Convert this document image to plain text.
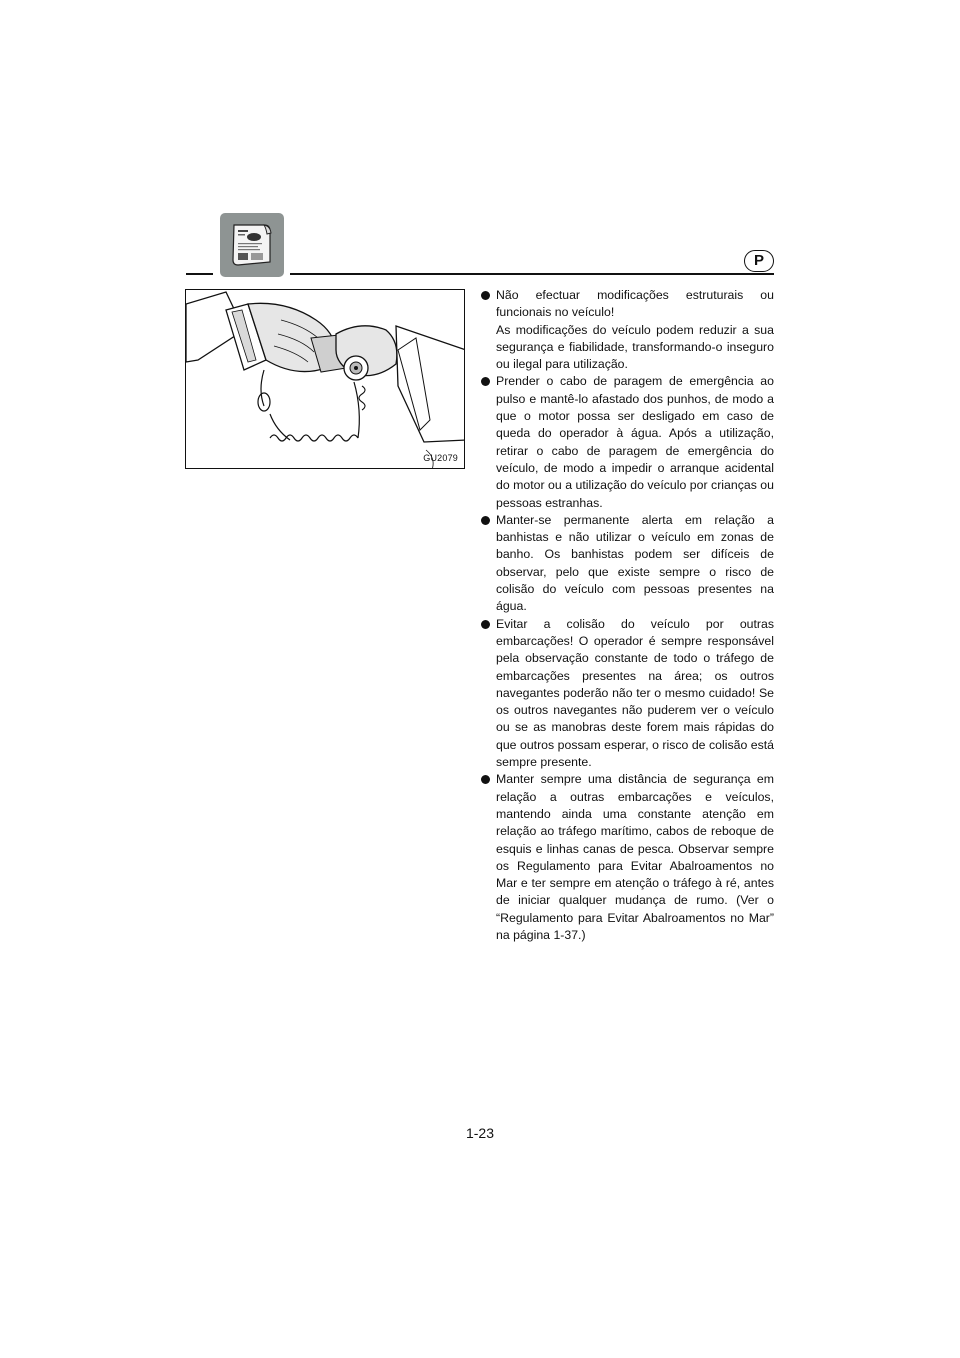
P
GU2079

Não efectuar modificações estruturais ou funcionais no veículo!

As modificações do veículo podem reduzir a sua segurança e fiabilidade, transformando-o inseguro ou ilegal para utilização.

Prender o cabo de paragem de emergência ao pulso e mantê-lo afastado dos punhos, de modo a que o motor possa ser desligado em caso de queda do operador à água. Após a utilização, retirar o cabo de paragem de emergência do veículo, de modo a impedir o arranque acidental do motor ou a utilização do veículo por crianças ou pessoas estranhas.

Manter-se permanente alerta em relação a banhistas e não utilizar o veículo em zonas de banho. Os banhistas podem ser difíceis de observar, pelo que existe sempre o risco de colisão do veículo com pessoas presentes na água.

Evitar a colisão do veículo por outras embarcações! O operador é sempre responsável pela observação constante de todo o tráfego de embarcações presentes na área; os outros navegantes poderão não ter o mesmo cuidado! Se os outros navegantes não puderem ver o veículo ou se as manobras deste forem mais rápidas do que outros possam esperar, o risco de colisão está sempre presente.

Manter sempre uma distância de segurança em relação a outras embarcações e veículos, mantendo ainda uma constante atenção em relação ao tráfego marítimo, cabos de reboque de esquis e linhas canas de pesca. Observar sempre os Regulamento para Evitar Abalroamentos no Mar e ter sempre em atenção o tráfego à ré, antes de iniciar qualquer mudança de rumo. (Ver o “Regulamento para Evitar Abalroamentos no Mar” na página 1-37.)

1-23
